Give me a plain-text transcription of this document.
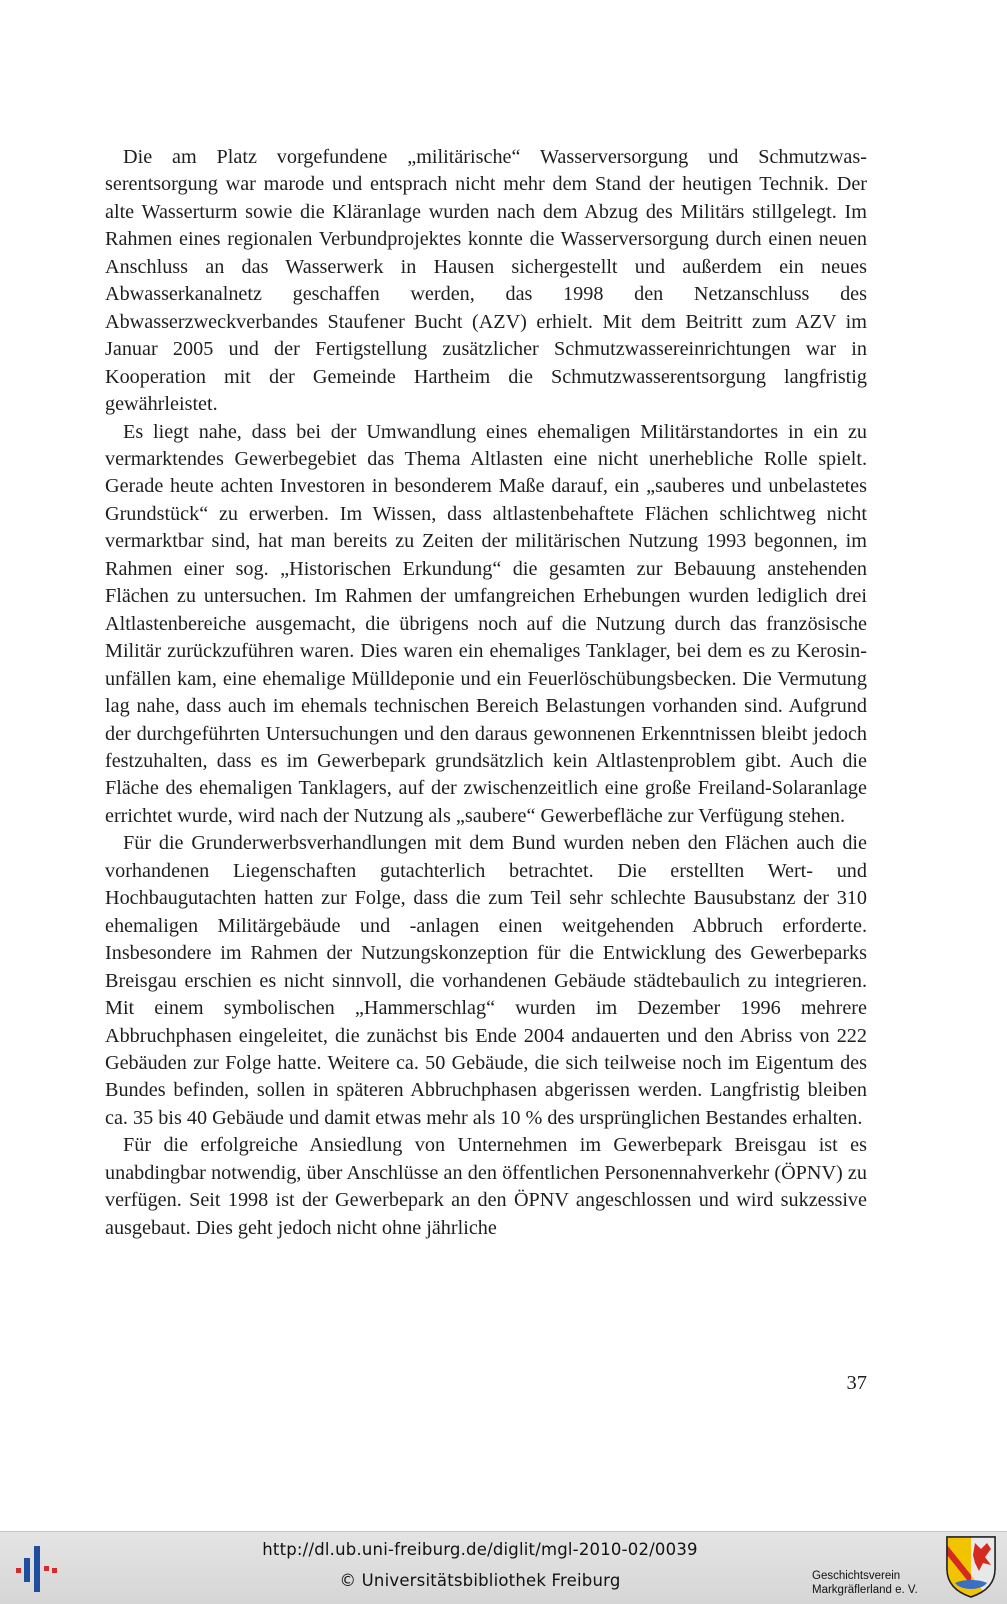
Die am Platz vorgefundene „militärische“ Wasserversorgung und Schmutzwasserentsorgung war marode und entsprach nicht mehr dem Stand der heutigen Technik. Der alte Wasserturm sowie die Kläranlage wurden nach dem Abzug des Militärs stillgelegt. Im Rahmen eines regionalen Verbundprojektes konnte die Wasserversorgung durch einen neuen Anschluss an das Wasserwerk in Hausen sichergestellt und außerdem ein neues Abwasserkanalnetz geschaffen werden, das 1998 den Netzanschluss des Abwasserzweckverbandes Staufener Bucht (AZV) erhielt. Mit dem Beitritt zum AZV im Januar 2005 und der Fertigstellung zusätzlicher Schmutzwassereinrichtungen war in Kooperation mit der Gemeinde Hartheim die Schmutzwasserentsorgung langfristig gewährleistet.

Es liegt nahe, dass bei der Umwandlung eines ehemaligen Militärstandortes in ein zu vermarktendes Gewerbegebiet das Thema Altlasten eine nicht unerhebliche Rolle spielt. Gerade heute achten Investoren in besonderem Maße darauf, ein „sauberes und unbelastetes Grundstück“ zu erwerben. Im Wissen, dass altlastenbehaftete Flächen schlichtweg nicht vermarktbar sind, hat man bereits zu Zeiten der militärischen Nutzung 1993 begonnen, im Rahmen einer sog. „Historischen Erkundung“ die gesamten zur Bebauung anstehenden Flächen zu untersuchen. Im Rahmen der umfangreichen Erhebungen wurden lediglich drei Altlastenbereiche ausgemacht, die übrigens noch auf die Nutzung durch das französische Militär zurückzuführen waren. Dies waren ein ehemaliges Tanklager, bei dem es zu Kerosinunfällen kam, eine ehemalige Mülldeponie und ein Feuerlöschübungsbecken. Die Vermutung lag nahe, dass auch im ehemals technischen Bereich Belastungen vorhanden sind. Aufgrund der durchgeführten Untersuchungen und den daraus gewonnenen Erkenntnissen bleibt jedoch festzuhalten, dass es im Gewerbepark grundsätzlich kein Altlastenproblem gibt. Auch die Fläche des ehemaligen Tanklagers, auf der zwischenzeitlich eine große Freiland-Solaranlage errichtet wurde, wird nach der Nutzung als „saubere“ Gewerbefläche zur Verfügung stehen.

Für die Grunderwerbsverhandlungen mit dem Bund wurden neben den Flächen auch die vorhandenen Liegenschaften gutachterlich betrachtet. Die erstellten Wert- und Hochbaugutachten hatten zur Folge, dass die zum Teil sehr schlechte Bausubstanz der 310 ehemaligen Militärgebäude und -anlagen einen weitgehenden Abbruch erforderte. Insbesondere im Rahmen der Nutzungskonzeption für die Entwicklung des Gewerbeparks Breisgau erschien es nicht sinnvoll, die vorhandenen Gebäude städtebaulich zu integrieren. Mit einem symbolischen „Hammerschlag“ wurden im Dezember 1996 mehrere Abbruchphasen eingeleitet, die zunächst bis Ende 2004 andauerten und den Abriss von 222 Gebäuden zur Folge hatte. Weitere ca. 50 Gebäude, die sich teilweise noch im Eigentum des Bundes befinden, sollen in späteren Abbruchphasen abgerissen werden. Langfristig bleiben ca. 35 bis 40 Gebäude und damit etwas mehr als 10 % des ursprünglichen Bestandes erhalten.

Für die erfolgreiche Ansiedlung von Unternehmen im Gewerbepark Breisgau ist es unabdingbar notwendig, über Anschlüsse an den öffentlichen Personennahverkehr (ÖPNV) zu verfügen. Seit 1998 ist der Gewerbepark an den ÖPNV angeschlossen und wird sukzessive ausgebaut. Dies geht jedoch nicht ohne jährliche

37
http://dl.ub.uni-freiburg.de/diglit/mgl-2010-02/0039
© Universitätsbibliothek Freiburg	Geschichtsverein
Markgräflerland e. V.
